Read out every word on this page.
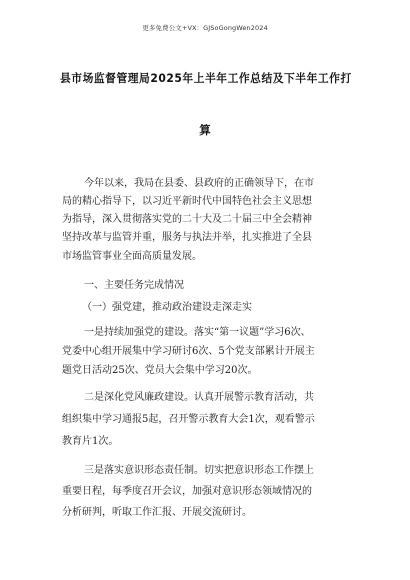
更多免费公文+VX：GJSoGongWen2024
县市场监督管理局2025年上半年工作总结及下半年工作打
算
今年以来，我局在县委、县政府的正确领导下，在市
局的精心指导下，以习近平新时代中国特色社会主义思想
为指导，深入贯彻落实党的二十大及二十届三中全会精神
坚持改革与监管并重，服务与执法并举，扎实推进了全县
市场监管事业全面高质量发展。
一、主要任务完成情况
（一）强党建，推动政治建设走深走实
一是持续加强党的建设。落实“第一议题”学习6次、
党委中心组开展集中学习研讨6次、5个党支部累计开展主
题党日活动25次、党员大会集中学习20次。
二是深化党风廉政建设。认真开展警示教育活动，共
组织集中学习通报5起，召开警示教育大会1次，观看警示
教育片1次。
三是落实意识形态责任制。切实把意识形态工作摆上
重要日程，每季度召开会议，加强对意识形态领域情况的
分析研判，听取工作汇报、开展交流研讨。
